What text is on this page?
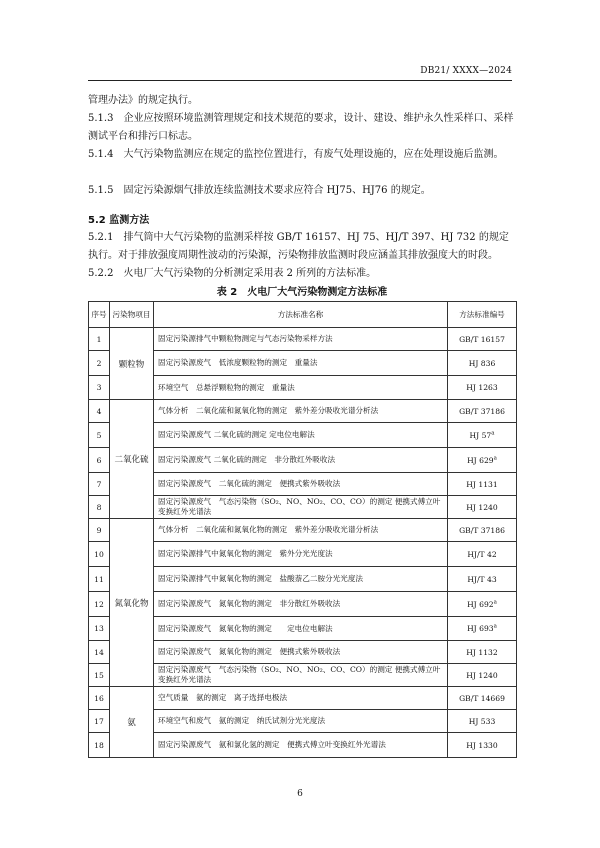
DB21/ XXXX—2024
管理办法》的规定执行。
5.1.3　企业应按照环境监测管理规定和技术规范的要求，设计、建设、维护永久性采样口、采样测试平台和排污口标志。
5.1.4　大气污染物监测应在规定的监控位置进行，有废气处理设施的，应在处理设施后监测。
5.1.5　固定污染源烟气排放连续监测技术要求应符合 HJ75、HJ76 的规定。
5.2 监测方法
5.2.1　排气筒中大气污染物的监测采样按 GB/T 16157、HJ 75、HJ/T 397、HJ 732 的规定执行。对于排放强度周期性波动的污染源，污染物排放监测时段应涵盖其排放强度大的时段。
5.2.2　火电厂大气污染物的分析测定采用表 2 所列的方法标准。
表 2　火电厂大气污染物测定方法标准
序号	污染物项目	方法标准名称	方法标准编号
1	颗粒物	固定污染源排气中颗粒物测定与气态污染物采样方法	GB/T 16157
2		固定污染源废气　低浓度颗粒物的测定　重量法	HJ 836
3		环境空气　总悬浮颗粒物的测定　重量法	HJ 1263
4	二氧化硫	气体分析　二氧化硫和氮氧化物的测定　紫外差分吸收光谱分析法	GB/T 37186
5		固定污染源废气 二氧化硫的测定 定电位电解法	HJ 57$^a$
6		固定污染源废气 二氧化硫的测定　非分散红外吸收法	HJ 629$^a$
7		固定污染源废气　二氧化硫的测定　便携式紫外吸收法	HJ 1131
8		固定污染源废气　气态污染物（SO₂、NO、NO₂、CO、CO）的测定 便携式傅立叶变换红外光谱法	HJ 1240
9	氮氧化物	气体分析　二氧化硫和氮氧化物的测定　紫外差分吸收光谱分析法	GB/T 37186
10		固定污染源排气中氮氧化物的测定　紫外分光光度法	HJ/T 42
11		固定污染源排气中氮氧化物的测定　盐酸萘乙二胺分光光度法	HJ/T 43
12		固定污染源废气　氮氧化物的测定　非分散红外吸收法	HJ 692$^a$
13		固定污染源废气　氮氧化物的测定　　定电位电解法	HJ 693$^a$
14		固定污染源废气　氮氧化物的测定　便携式紫外吸收法	HJ 1132
15		固定污染源废气　气态污染物（SO₂、NO、NO₂、CO、CO）的测定 便携式傅立叶变换红外光谱法	HJ 1240
16	氨	空气质量　氨的测定　离子选择电极法	GB/T 14669
17		环境空气和废气　氨的测定　纳氏试剂分光光度法	HJ 533
18		固定污染源废气　氨和氯化氢的测定　便携式傅立叶变换红外光谱法	HJ 1330
6
